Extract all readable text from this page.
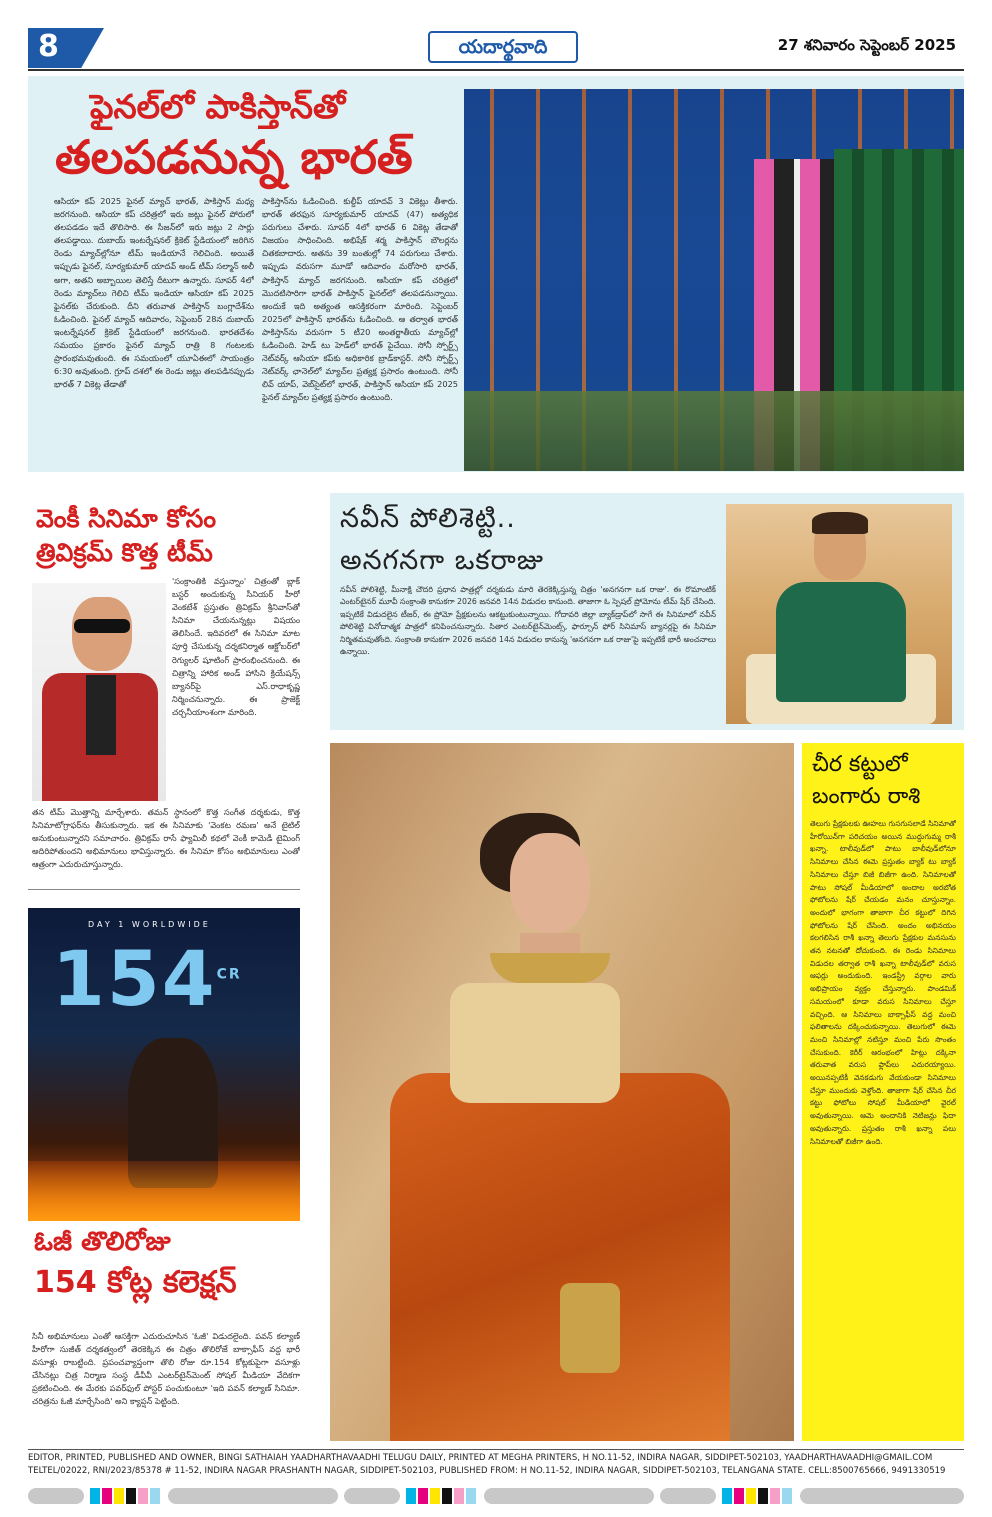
8	యదార్థవాది	27 శనివారం సెప్టెంబర్ 2025
ఫైనల్‌లో పాకిస్తాన్‌తో
తలపడనున్న భారత్
ఆసియా కప్ 2025 ఫైనల్ మ్యాచ్ భారత్, పాకిస్తాన్ మధ్య జరగనుంది. ఆసియా కప్ చరిత్రలో ఇరు జట్లు ఫైనల్ పోరులో తలపడడం ఇదే తొలిసారి. ఈ సీజన్‌లో ఇరు జట్లు 2 సార్లు తలపడ్డాయి. దుబాయ్ ఇంటర్నేషనల్ క్రికెట్ స్టేడియంలో జరిగిన రెండు మ్యాచ్‌ల్లోనూ టీమ్ ఇండియానే గెలిచింది. అయితే ఇప్పుడు ఫైనల్, సూర్యకుమార్ యాదవ్ అండ్ టీమ్ సల్మాన్ అలీ అగా, అతని అబ్బాయిల తెలిస్తే దీటుగా ఉన్నారు. సూపర్ 4లో రెండు మ్యాచ్‌లు గెలిచి టీమ్ ఇండియా ఆసియా కప్ 2025 ఫైనల్‌కు చేరుకుంది. దీని తరువాత పాకిస్తాన్ బంగ్లాదేశ్‌ను ఓడించింది. ఫైనల్ మ్యాచ్ ఆదివారం, సెప్టెంబర్ 28న దుబాయ్ ఇంటర్నేషనల్ క్రికెట్ స్టేడియంలో జరగనుంది. భారతదేశం సమయం ప్రకారం ఫైనల్ మ్యాచ్ రాత్రి 8 గంటలకు ప్రారంభమవుతుంది. ఈ సమయంలో యూఏఈలో సాయంత్రం 6:30 అవుతుంది. గ్రూప్ దశలో ఈ రెండు జట్లు తలపడినప్పుడు భారత్ 7 వికెట్ల తేడాతో
పాకిస్తాన్‌ను ఓడించింది. కుల్దీప్ యాదవ్ 3 వికెట్లు తీశారు. భారత్ తరఫున సూర్యకుమార్ యాదవ్ (47) అత్యధిక పరుగులు చేశారు. సూపర్ 4లో భారత్ 6 వికెట్ల తేడాతో విజయం సాధించింది. అభిషేక్ శర్మ పాకిస్తాన్ బౌలర్లను చితకబాదారు. అతను 39 బంతుల్లో 74 పరుగులు చేశారు. ఇప్పుడు వరుసగా మూడో ఆదివారం మరోసారి భారత్, పాకిస్తాన్ మ్యాచ్ జరగనుంది. ఆసియా కప్ చరిత్రలో మొదటిసారిగా భారత్ పాకిస్తాన్ ఫైనల్‌లో తలపడనున్నాయి. అందుకే ఇది అత్యంత ఆసక్తికరంగా మారింది. సెప్టెంబర్ 2025లో పాకిస్తాన్ భారత్‌ను ఓడించింది. ఆ తర్వాత భారత్ పాకిస్తాన్‌ను వరుసగా 5 టీ20 అంతర్జాతీయ మ్యాచ్‌ల్లో ఓడించింది. హెడ్ టు హెడ్‌లో భారత్ పైచేయి. సోనీ స్పోర్ట్స్ నెట్‌వర్క్ ఆసియా కప్‌కు అధికారిక బ్రాడ్‌కాస్టర్. సోనీ స్పోర్ట్స్ నెట్‌వర్క్ ఛానెల్‌లో మ్యాచ్‌ల ప్రత్యక్ష ప్రసారం ఉంటుంది. సోనీ లివ్ యాప్, వెబ్‌సైట్‌లో భారత్, పాకిస్తాన్ ఆసియా కప్ 2025 ఫైనల్ మ్యాచ్‌ల ప్రత్యక్ష ప్రసారం ఉంటుంది.
వెంకీ సినిమా కోసం
త్రివిక్రమ్ కొత్త టీమ్
'సంక్రాంతికి వస్తున్నాం' చిత్రంతో బ్లాక్ బస్టర్ అందుకున్న సీనియర్ హీరో వెంకటేశ్ ప్రస్తుతం త్రివిక్రమ్ శ్రీనివాస్‌తో సినిమా చేయనున్నట్లు విషయం తెలిసిందే. ఇదివరలో ఈ సినిమా మాట పూర్తి చేసుకున్న దర్శకనిర్మాత ఆక్టోబర్‌లో రెగ్యులర్ షూటింగ్ ప్రారంభించనుంది. ఈ చిత్రాన్ని హారిక అండ్ హాసిని క్రియేషన్స్ బ్యానర్‌పై ఎస్.రాధాకృష్ణ నిర్మించనున్నారు. ఈ ప్రాజెక్ట్ చర్చనీయాంశంగా మారింది.
తన టీమ్ మొత్తాన్ని మార్చేశారు. తమన్ స్థానంలో కొత్త సంగీత దర్శకుడు, కొత్త సినిమాటోగ్రాఫర్‌ను తీసుకున్నారు. ఇక ఈ సినిమాకు 'వెంకట రమణ' అనే టైటిల్ అనుకుంటున్నారని సమాచారం. త్రివిక్రమ్ రాసే ఫ్యామిలీ కథలో వెంకీ కామెడీ టైమింగ్ అదిరిపోతుందని అభిమానులు భావిస్తున్నారు. ఈ సినిమా కోసం అభిమానులు ఎంతో ఆత్రంగా ఎదురుచూస్తున్నారు.
DAY 1 WORLDWIDE
$154^{CR}$
ఓజీ తొలిరోజు
154 కోట్ల కలెక్షన్
సినీ అభిమానులు ఎంతో ఆసక్తిగా ఎదురుచూసిన 'ఓజీ' విడుదలైంది. పవన్ కల్యాణ్ హీరోగా సుజీత్ దర్శకత్వంలో తెరకెక్కిన ఈ చిత్రం తొలిరోజే బాక్సాఫీస్ వద్ద భారీ వసూళ్లు రాబట్టింది. ప్రపంచవ్యాప్తంగా తొలి రోజు రూ.154 కోట్లకుపైగా వసూళ్లు చేసినట్లు చిత్ర నిర్మాణ సంస్థ డీవీవీ ఎంటర్‌టైన్‌మెంట్ సోషల్ మీడియా వేదికగా ప్రకటించింది. ఈ మేరకు పవర్‌ఫుల్ పోస్టర్ పంచుకుంటూ 'ఇది పవన్ కల్యాణ్ సినిమా. చరిత్రను ఓజీ మార్చేసింది' అని క్యాప్షన్ పెట్టింది.
నవీన్ పోలిశెట్టి..
అనగనగా ఒకరాజు
నవీన్ పోలిశెట్టి, మీనాక్షి చౌదరి ప్రధాన పాత్రల్లో దర్శకుడు మారి తెరకెక్కిస్తున్న చిత్రం 'అనగనగా ఒక రాజు'. ఈ రొమాంటిక్ ఎంటర్‌టైనర్ మూవీ సంక్రాంతి కానుకగా 2026 జనవరి 14న విడుదల కానుంది. తాజాగా ఓ స్పెషల్ ప్రోమోను టీమ్ షేర్ చేసింది. ఇప్పటికే విడుదలైన టీజర్, ఈ ప్రోమో ప్రేక్షకులను ఆకట్టుకుంటున్నాయి. గోదావరి జిల్లా బ్యాక్‌డ్రాప్‌లో సాగే ఈ సినిమాలో నవీన్ పోలిశెట్టి వినోదాత్మక పాత్రలో కనిపించనున్నారు. సితార ఎంటర్‌టైన్‌మెంట్స్, ఫార్చూన్ ఫోర్ సినిమాస్ బ్యానర్లపై ఈ సినిమా నిర్మితమవుతోంది. సంక్రాంతి కానుకగా 2026 జనవరి 14న విడుదల కానున్న 'అనగనగా ఒక రాజు'పై ఇప్పటికే భారీ అంచనాలు ఉన్నాయి.
చీర కట్టులో
బంగారు రాశి
తెలుగు ప్రేక్షకులకు ఊహలు గుసగుసలాడే సినిమాతో హీరోయిన్‌గా పరిచయం అయిన ముద్దుగుమ్మ రాశీ ఖన్నా. టాలీవుడ్‌లో పాటు బాలీవుడ్‌లోనూ సినిమాలు చేసిన ఈమె ప్రస్తుతం బ్యాక్ టు బ్యాక్ సినిమాలు చేస్తూ బిజీ బిజీగా ఉంది. సినిమాలతో పాటు సోషల్ మీడియాలో అందాల అరబోత ఫోటోలను షేర్ చేయడం మనం చూస్తున్నాం. అందులో భాగంగా తాజాగా చీర కట్టులో దిగిన ఫోటోలను షేర్ చేసింది. అందం అభినయం కలగలిసిన రాశీ ఖన్నా తెలుగు ప్రేక్షకుల మనసును తన నటనతో దోచుకుంది. ఈ రెండు సినిమాలు విడుదల తర్వాత రాశీ ఖన్నా టాలీవుడ్‌లో వరుస ఆఫర్లు అందుకుంది. ఇండస్ట్రీ వర్గాల వారు అభిప్రాయం వ్యక్తం చేస్తున్నారు. పాండమిక్ సమయంలో కూడా వరుస సినిమాలు చేస్తూ వచ్చింది. ఆ సినిమాలు బాక్సాఫీస్ వద్ద మంచి ఫలితాలను దక్కించుకున్నాయి. తెలుగులో ఈమె మంచి సినిమాల్లో నటిస్తూ మంచి పేరు సొంతం చేసుకుంది. కెరీర్ ఆరంభంలో హిట్లు దక్కినా తరువాత వరుస ఫ్లాప్‌లు ఎదురయ్యాయి. అయినప్పటికీ వెనకడుగు వేయకుండా సినిమాలు చేస్తూ ముందుకు వెళ్తోంది. తాజాగా షేర్ చేసిన చీర కట్టు ఫోటోలు సోషల్ మీడియాలో వైరల్ అవుతున్నాయి. ఆమె అందానికి నెటిజన్లు ఫిదా అవుతున్నారు. ప్రస్తుతం రాశీ ఖన్నా పలు సినిమాలతో బిజీగా ఉంది.
EDITOR, PRINTED, PUBLISHED AND OWNER, BINGI SATHAIAH YAADHARTHAVAADHI TELUGU DAILY, PRINTED AT MEGHA PRINTERS, H NO.11-52, INDIRA NAGAR, SIDDIPET-502103, YAADHARTHAVAADHI@GMAIL.COM
TELTEL/02022, RNI/2023/85378 # 11-52, INDIRA NAGAR PRASHANTH NAGAR, SIDDIPET-502103, PUBLISHED FROM: H NO.11-52, INDIRA NAGAR, SIDDIPET-502103, TELANGANA STATE. CELL:8500765666, 9491330519
